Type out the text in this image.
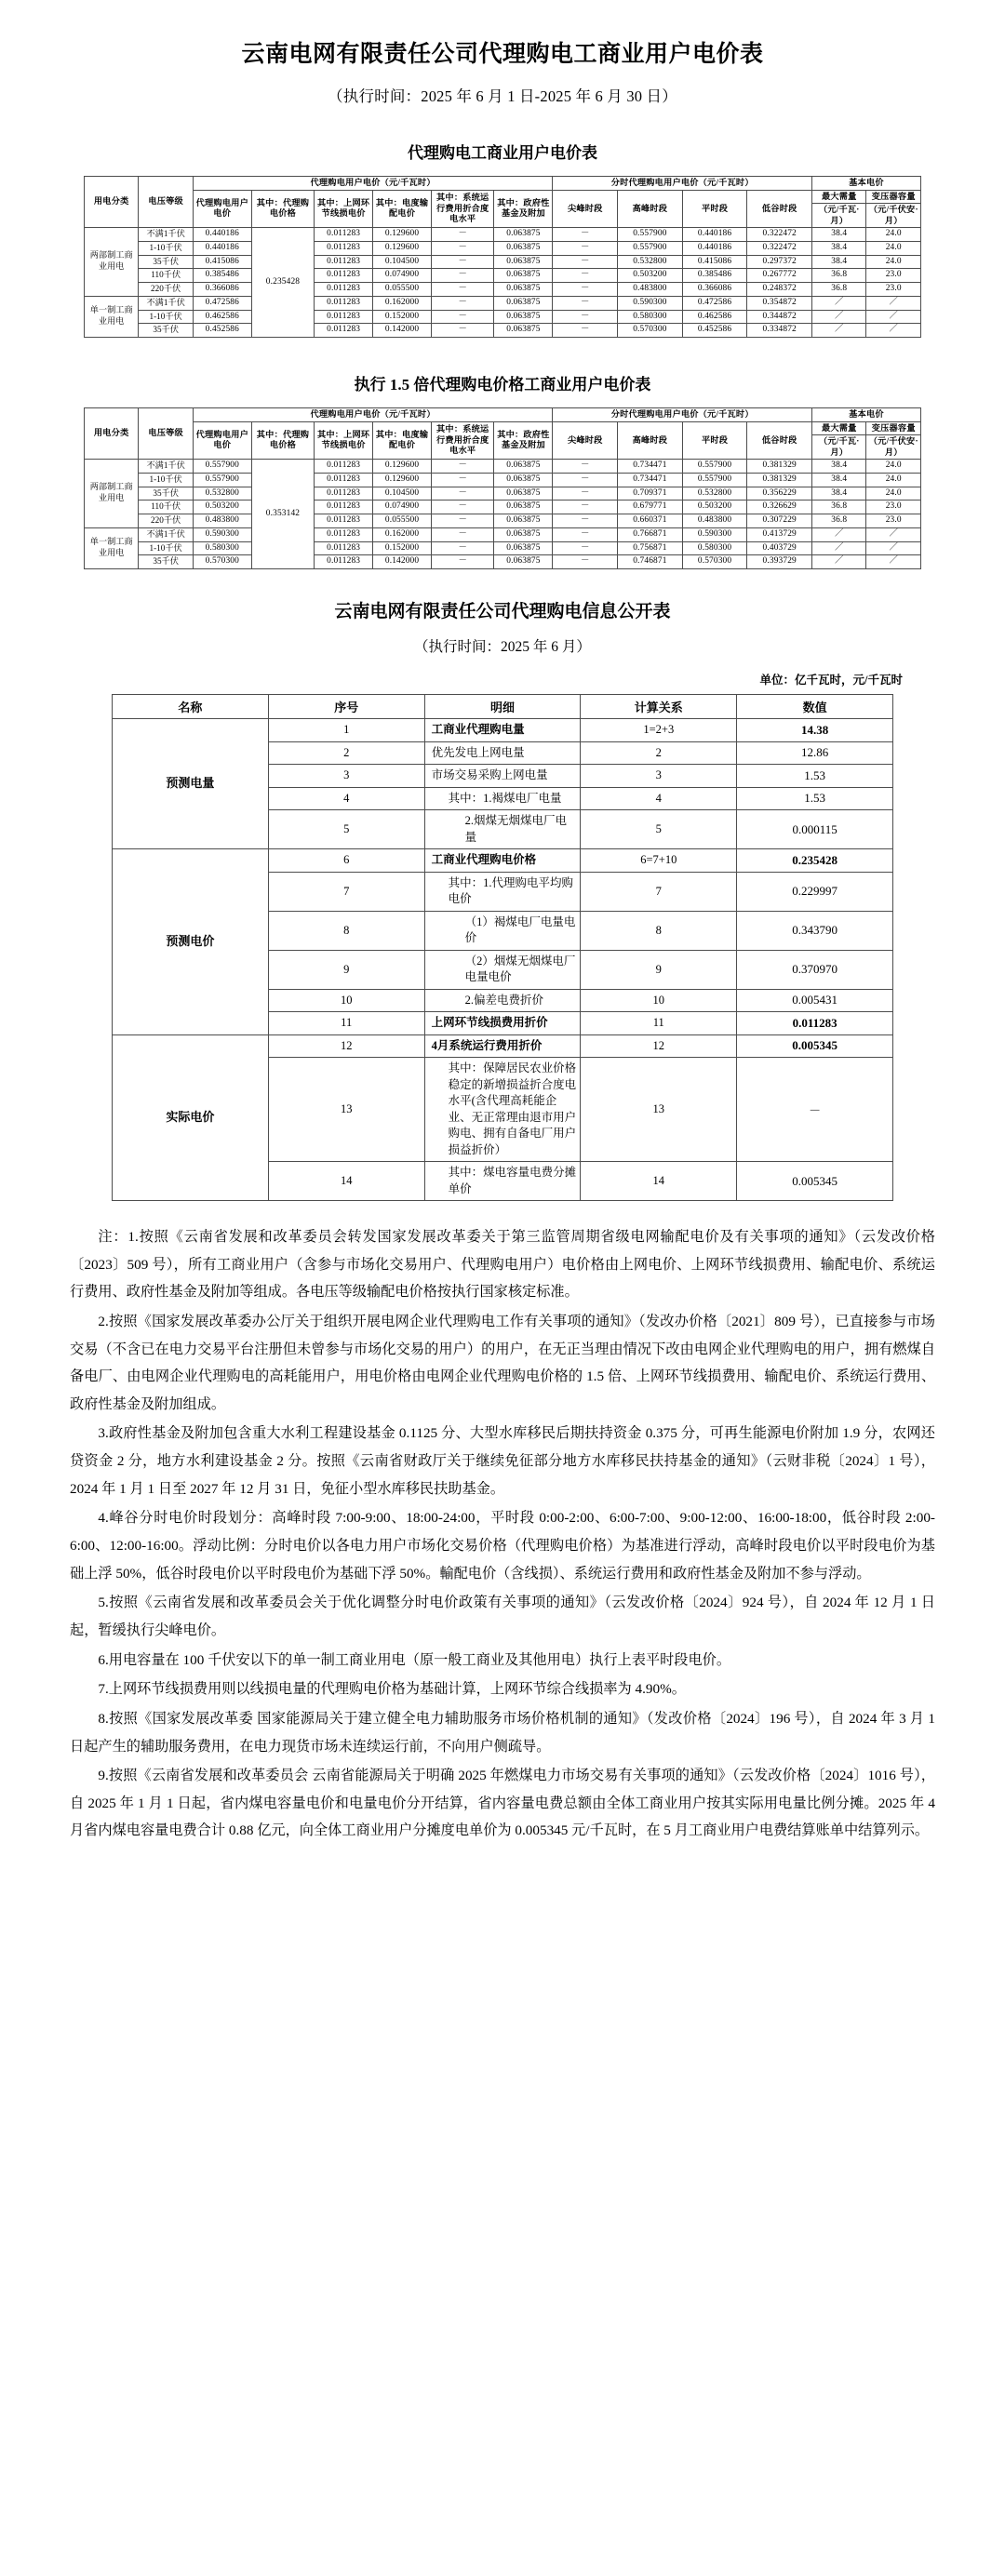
云南电网有限责任公司代理购电工商业用户电价表
（执行时间：2025 年 6 月 1 日-2025 年 6 月 30 日）
代理购电工商业用户电价表
用电分类	电压等级	代理购电用户电价（元/千瓦时）						分时代理购电用户电价（元/千瓦时）				基本电价	
		代理购电用户电价	其中：代理购电价格	其中：上网环节线损电价	其中：电度输配电价	其中：系统运行费用折合度电水平	其中：政府性基金及附加	尖峰时段	高峰时段	平时段	低谷时段	最大需量	变压器容量
												（元/千瓦·月）	（元/千伏安·月）
两部制工商业用电	不满1千伏	0.440186	0.235428	0.011283	0.129600	－	0.063875	－	0.557900	0.440186	0.322472	38.4	24.0
	1-10千伏	0.440186		0.011283	0.129600	－	0.063875	－	0.557900	0.440186	0.322472	38.4	24.0
	35千伏	0.415086		0.011283	0.104500	－	0.063875	－	0.532800	0.415086	0.297372	38.4	24.0
	110千伏	0.385486		0.011283	0.074900	－	0.063875	－	0.503200	0.385486	0.267772	36.8	23.0
	220千伏	0.366086		0.011283	0.055500	－	0.063875	－	0.483800	0.366086	0.248372	36.8	23.0
单一制工商业用电	不满1千伏	0.472586		0.011283	0.162000	－	0.063875	－	0.590300	0.472586	0.354872	／	／
	1-10千伏	0.462586		0.011283	0.152000	－	0.063875	－	0.580300	0.462586	0.344872	／	／
	35千伏	0.452586		0.011283	0.142000	－	0.063875	－	0.570300	0.452586	0.334872	／	／
执行 1.5 倍代理购电价格工商业用户电价表
用电分类	电压等级	代理购电用户电价（元/千瓦时）						分时代理购电用户电价（元/千瓦时）				基本电价	
		代理购电用户电价	其中：代理购电价格	其中：上网环节线损电价	其中：电度输配电价	其中：系统运行费用折合度电水平	其中：政府性基金及附加	尖峰时段	高峰时段	平时段	低谷时段	最大需量	变压器容量
												（元/千瓦·月）	（元/千伏安·月）
两部制工商业用电	不满1千伏	0.557900	0.353142	0.011283	0.129600	－	0.063875	－	0.734471	0.557900	0.381329	38.4	24.0
	1-10千伏	0.557900		0.011283	0.129600	－	0.063875	－	0.734471	0.557900	0.381329	38.4	24.0
	35千伏	0.532800		0.011283	0.104500	－	0.063875	－	0.709371	0.532800	0.356229	38.4	24.0
	110千伏	0.503200		0.011283	0.074900	－	0.063875	－	0.679771	0.503200	0.326629	36.8	23.0
	220千伏	0.483800		0.011283	0.055500	－	0.063875	－	0.660371	0.483800	0.307229	36.8	23.0
单一制工商业用电	不满1千伏	0.590300		0.011283	0.162000	－	0.063875	－	0.766871	0.590300	0.413729	／	／
	1-10千伏	0.580300		0.011283	0.152000	－	0.063875	－	0.756871	0.580300	0.403729	／	／
	35千伏	0.570300		0.011283	0.142000	－	0.063875	－	0.746871	0.570300	0.393729	／	／
云南电网有限责任公司代理购电信息公开表
（执行时间：2025 年 6 月）
单位：亿千瓦时，元/千瓦时
名称	序号	明细	计算关系	数值
预测电量	1	工商业代理购电量	1=2+3	14.38
	2	优先发电上网电量	2	12.86
	3	市场交易采购上网电量	3	1.53
	4	其中：1.褐煤电厂电量	4	1.53
	5	2.烟煤无烟煤电厂电量	5	0.000115
预测电价	6	工商业代理购电价格	6=7+10	0.235428
	7	其中：1.代理购电平均购电价	7	0.229997
	8	（1）褐煤电厂电量电价	8	0.343790
	9	（2）烟煤无烟煤电厂电量电价	9	0.370970
	10	2.偏差电费折价	10	0.005431
	11	上网环节线损费用折价	11	0.011283
实际电价	12	4月系统运行费用折价	12	0.005345
	13	其中：保障居民农业价格稳定的新增损益折合度电水平(含代理高耗能企业、无正常理由退市用户购电、拥有自备电厂用户损益折价）	13	－
	14	其中：煤电容量电费分摊单价	14	0.005345

注：1.按照《云南省发展和改革委员会转发国家发展改革委关于第三监管周期省级电网输配电价及有关事项的通知》（云发改价格〔2023〕509 号），所有工商业用户（含参与市场化交易用户、代理购电用户）电价格由上网电价、上网环节线损费用、输配电价、系统运行费用、政府性基金及附加等组成。各电压等级输配电价格按执行国家核定标准。

2.按照《国家发展改革委办公厅关于组织开展电网企业代理购电工作有关事项的通知》（发改办价格〔2021〕809 号），已直接参与市场交易（不含已在电力交易平台注册但未曾参与市场化交易的用户）的用户，在无正当理由情况下改由电网企业代理购电的用户，拥有燃煤自备电厂、由电网企业代理购电的高耗能用户，用电价格由电网企业代理购电价格的 1.5 倍、上网环节线损费用、输配电价、系统运行费用、政府性基金及附加组成。

3.政府性基金及附加包含重大水利工程建设基金 0.1125 分、大型水库移民后期扶持资金 0.375 分，可再生能源电价附加 1.9 分，农网还贷资金 2 分，地方水利建设基金 2 分。按照《云南省财政厅关于继续免征部分地方水库移民扶持基金的通知》（云财非税〔2024〕1 号），2024 年 1 月 1 日至 2027 年 12 月 31 日，免征小型水库移民扶助基金。

4.峰谷分时电价时段划分：高峰时段 7:00-9:00、18:00-24:00，平时段 0:00-2:00、6:00-7:00、9:00-12:00、16:00-18:00，低谷时段 2:00-6:00、12:00-16:00。浮动比例：分时电价以各电力用户市场化交易价格（代理购电价格）为基准进行浮动，高峰时段电价以平时段电价为基础上浮 50%，低谷时段电价以平时段电价为基础下浮 50%。輸配电价（含线损）、系统运行费用和政府性基金及附加不参与浮动。

5.按照《云南省发展和改革委员会关于优化调整分时电价政策有关事项的通知》（云发改价格〔2024〕924 号），自 2024 年 12 月 1 日起，暂缓执行尖峰电价。

6.用电容量在 100 千伏安以下的单一制工商业用电（原一般工商业及其他用电）执行上表平时段电价。

7.上网环节线损费用则以线损电量的代理购电价格为基础计算，上网环节综合线损率为 4.90%。

8.按照《国家发展改革委 国家能源局关于建立健全电力辅助服务市场价格机制的通知》（发改价格〔2024〕196 号），自 2024 年 3 月 1 日起产生的辅助服务费用，在电力现货市场未连续运行前，不向用户侧疏导。

9.按照《云南省发展和改革委员会 云南省能源局关于明确 2025 年燃煤电力市场交易有关事项的通知》（云发改价格〔2024〕1016 号），自 2025 年 1 月 1 日起，省内煤电容量电价和电量电价分开结算，省内容量电费总额由全体工商业用户按其实际用电量比例分摊。2025 年 4 月省内煤电容量电费合计 0.88 亿元，向全体工商业用户分摊度电单价为 0.005345 元/千瓦时，在 5 月工商业用户电费结算账单中结算列示。
